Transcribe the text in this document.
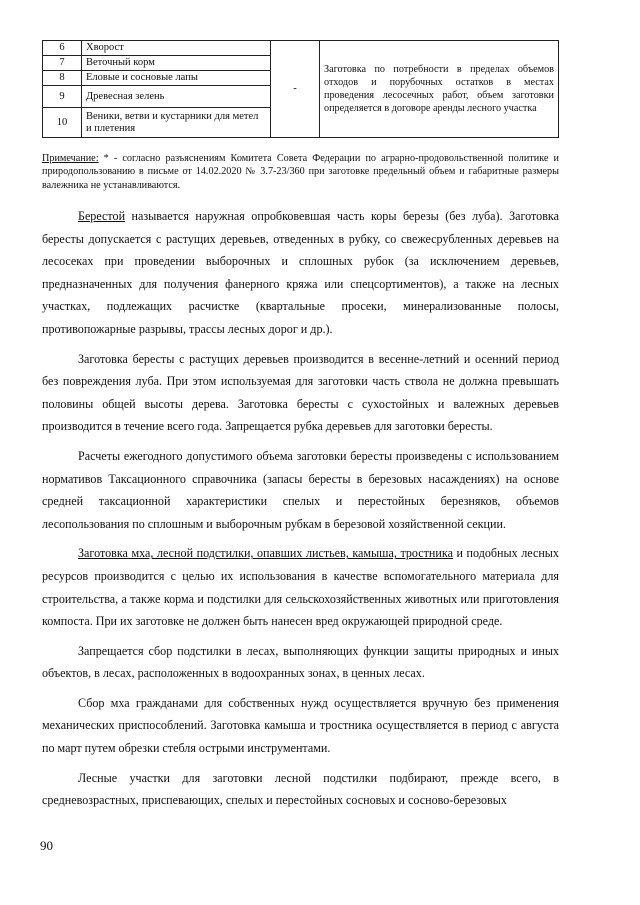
6	Хворост	-	Заготовка по потребности в пределах объемов отходов и порубочных остатков в местах проведения лесосечных работ, объем заготовки определяется в договоре аренды лесного участка
7	Веточный корм		
8	Еловые и сосновые лапы		
9	Древесная зелень		
10	Веники, ветви и кустарники для метел и плетения		
Примечание: * - согласно разъяснениям Комитета Совета Федерации по аграрно-продовольственной политике и природопользованию в письме от 14.02.2020 № 3.7-23/360 при заготовке предельный объем и габаритные размеры валежника не устанавливаются.

Берестой называется наружная опробковевшая часть коры березы (без луба). Заготовка бересты допускается с растущих деревьев, отведенных в рубку, со свежесрубленных деревьев на лесосеках при проведении выборочных и сплошных рубок (за исключением деревьев, предназначенных для получения фанерного кряжа или спецсортиментов), а также на лесных участках, подлежащих расчистке (квартальные просеки, минерализованные полосы, противопожарные разрывы, трассы лесных дорог и др.).

Заготовка бересты с растущих деревьев производится в весенне-летний и осенний период без повреждения луба. При этом используемая для заготовки часть ствола не должна превышать половины общей высоты дерева. Заготовка бересты с сухостойных и валежных деревьев производится в течение всего года. Запрещается рубка деревьев для заготовки бересты.

Расчеты ежегодного допустимого объема заготовки бересты произведены с использованием нормативов Таксационного справочника (запасы бересты в березовых насаждениях) на основе средней таксационной характеристики спелых и перестойных березняков, объемов лесопользования по сплошным и выборочным рубкам в березовой хозяйственной секции.

Заготовка мха, лесной подстилки, опавших листьев, камыша, тростника и подобных лесных ресурсов производится с целью их использования в качестве вспомогательного материала для строительства, а также корма и подстилки для сельскохозяйственных животных или приготовления компоста. При их заготовке не должен быть нанесен вред окружающей природной среде.

Запрещается сбор подстилки в лесах, выполняющих функции защиты природных и иных объектов, в лесах, расположенных в водоохранных зонах, в ценных лесах.

Сбор мха гражданами для собственных нужд осуществляется вручную без применения механических приспособлений. Заготовка камыша и тростника осуществляется в период с августа по март путем обрезки стебля острыми инструментами.

Лесные участки для заготовки лесной подстилки подбирают, прежде всего, в средневозрастных, приспевающих, спелых и перестойных сосновых и сосново-березовых

90
